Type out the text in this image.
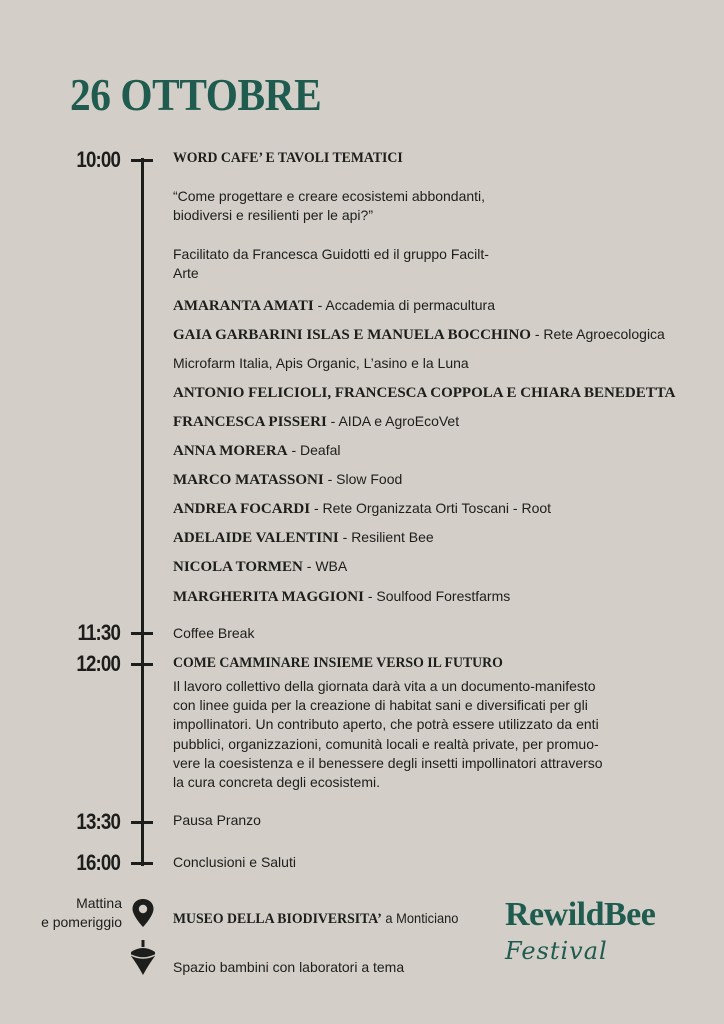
26 OTTOBRE
10:00
11:30
12:00
13:30
16:00
WORD CAFE’ E TAVOLI TEMATICI
“Come progettare e creare ecosistemi abbondanti,
biodiversi e resilienti per le api?”
Facilitato da Francesca Guidotti ed il gruppo Facilt-
Arte
AMARANTA AMATI - Accademia di permacultura
GAIA GARBARINI ISLAS E MANUELA BOCCHINO - Rete Agroecologica
Microfarm Italia, Apis Organic, L’asino e la Luna
ANTONIO FELICIOLI, FRANCESCA COPPOLA E CHIARA BENEDETTA
FRANCESCA PISSERI - AIDA e AgroEcoVet
ANNA MORERA - Deafal
MARCO MATASSONI - Slow Food
ANDREA FOCARDI - Rete Organizzata Orti Toscani - Root
ADELAIDE VALENTINI - Resilient Bee
NICOLA TORMEN - WBA
MARGHERITA MAGGIONI - Soulfood Forestfarms
Coffee Break
COME CAMMINARE INSIEME VERSO IL FUTURO
Il lavoro collettivo della giornata darà vita a un documento-manifesto
con linee guida per la creazione di habitat sani e diversificati per gli
impollinatori. Un contributo aperto, che potrà essere utilizzato da enti
pubblici, organizzazioni, comunità locali e realtà private, per promuo-
vere la coesistenza e il benessere degli insetti impollinatori attraverso
la cura concreta degli ecosistemi.
Pausa Pranzo
Conclusioni e Saluti
Mattina
e pomeriggio	MUSEO DELLA BIODIVERSITA’ a Monticiano
Spazio bambini con laboratori a tema
RewildBee
Festival
